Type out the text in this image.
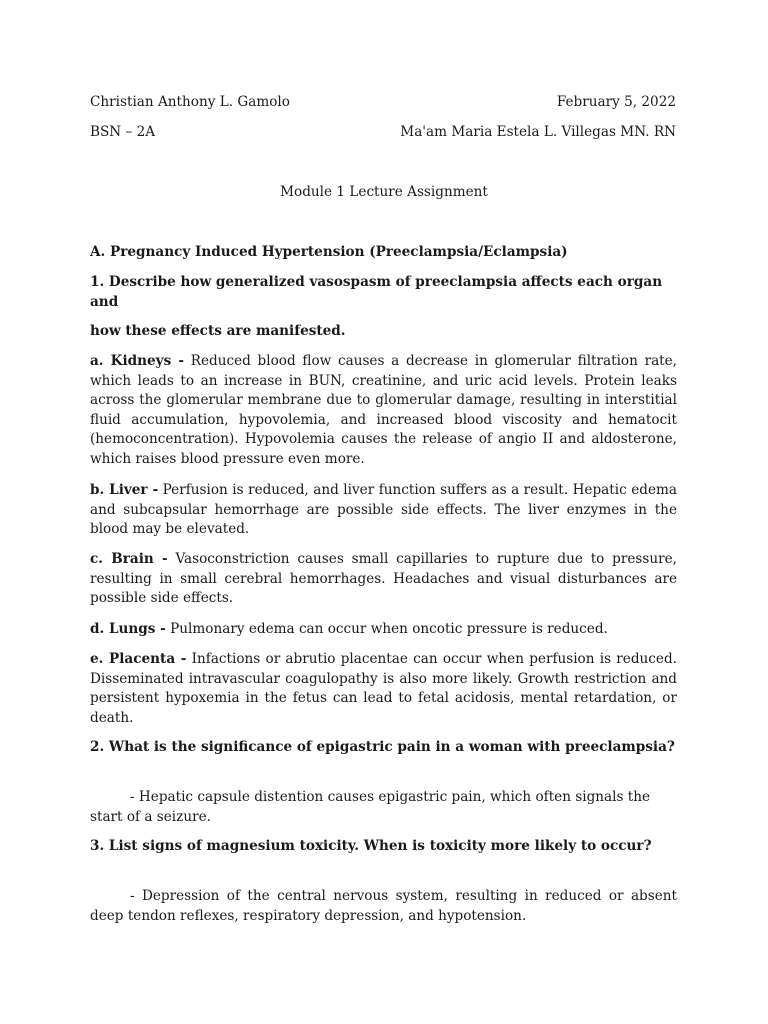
Christian Anthony L. Gamolo	February 5, 2022
BSN – 2A	Ma'am Maria Estela L. Villegas MN. RN
Module 1 Lecture Assignment
A. Pregnancy Induced Hypertension (Preeclampsia/Eclampsia)
1. Describe how generalized vasospasm of preeclampsia affects each organ and
how these effects are manifested.

a. Kidneys - Reduced blood flow causes a decrease in glomerular filtration rate, which leads to an increase in BUN, creatinine, and uric acid levels. Protein leaks across the glomerular membrane due to glomerular damage, resulting in interstitial fluid accumulation, hypovolemia, and increased blood viscosity and hematocit (hemoconcentration). Hypovolemia causes the release of angio II and aldosterone, which raises blood pressure even more.

b. Liver - Perfusion is reduced, and liver function suffers as a result. Hepatic edema and subcapsular hemorrhage are possible side effects. The liver enzymes in the blood may be elevated.

c. Brain - Vasoconstriction causes small capillaries to rupture due to pressure, resulting in small cerebral hemorrhages. Headaches and visual disturbances are possible side effects.

d. Lungs - Pulmonary edema can occur when oncotic pressure is reduced.

e. Placenta - Infactions or abrutio placentae can occur when perfusion is reduced. Disseminated intravascular coagulopathy is also more likely. Growth restriction and persistent hypoxemia in the fetus can lead to fetal acidosis, mental retardation, or death.

2. What is the significance of epigastric pain in a woman with preeclampsia?

- Hepatic capsule distention causes epigastric pain, which often signals the start of a seizure.

3. List signs of magnesium toxicity. When is toxicity more likely to occur?

- Depression of the central nervous system, resulting in reduced or absent deep tendon reflexes, respiratory depression, and hypotension.
